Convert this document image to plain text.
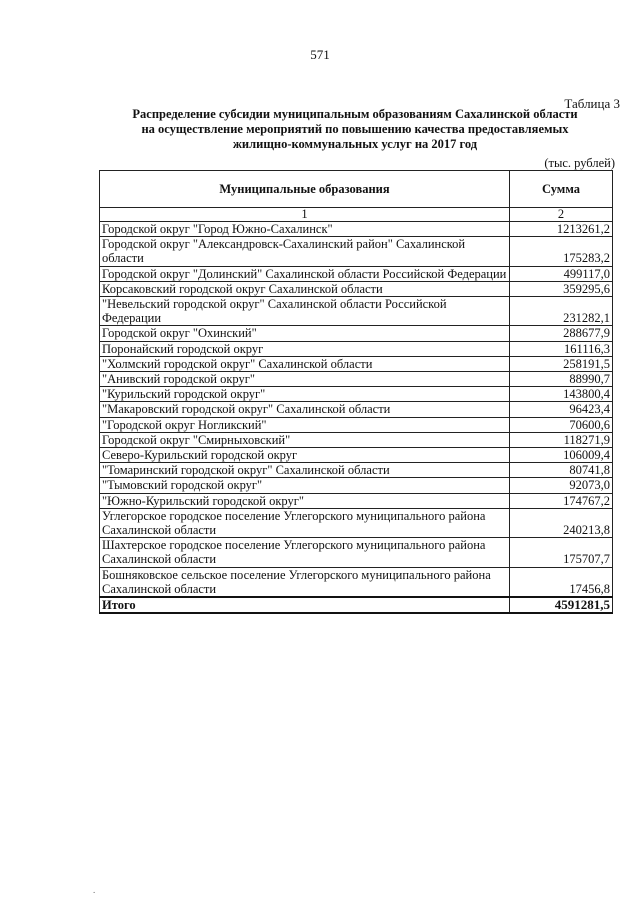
571
Таблица 3
Распределение субсидии муниципальным образованиям Сахалинской области
на осуществление мероприятий по повышению качества предоставляемых
жилищно-коммунальных услуг на 2017 год
(тыс. рублей)
Муниципальные образования	Сумма
1	2
Городской округ "Город Южно-Сахалинск"	1213261,2
Городской округ "Александровск-Сахалинский район" Сахалинской области	175283,2
Городской округ "Долинский" Сахалинской области Российской Федерации	499117,0
Корсаковский городской округ Сахалинской области	359295,6
"Невельский городской округ" Сахалинской области Российской Федерации	231282,1
Городской округ "Охинский"	288677,9
Поронайский городской округ	161116,3
"Холмский городской округ" Сахалинской области	258191,5
"Анивский городской округ"	88990,7
"Курильский городской округ"	143800,4
"Макаровский городской округ" Сахалинской области	96423,4
"Городской округ Ногликский"	70600,6
Городской округ "Смирныховский"	118271,9
Северо-Курильский городской округ	106009,4
"Томаринский городской округ" Сахалинской области	80741,8
"Тымовский городской округ"	92073,0
"Южно-Курильский городской округ"	174767,2
Углегорское городское поселение Углегорского муниципального района Сахалинской области	240213,8
Шахтерское городское поселение Углегорского муниципального района Сахалинской области	175707,7
Бошняковское сельское поселение Углегорского муниципального района Сахалинской области	17456,8
Итого	4591281,5
.
